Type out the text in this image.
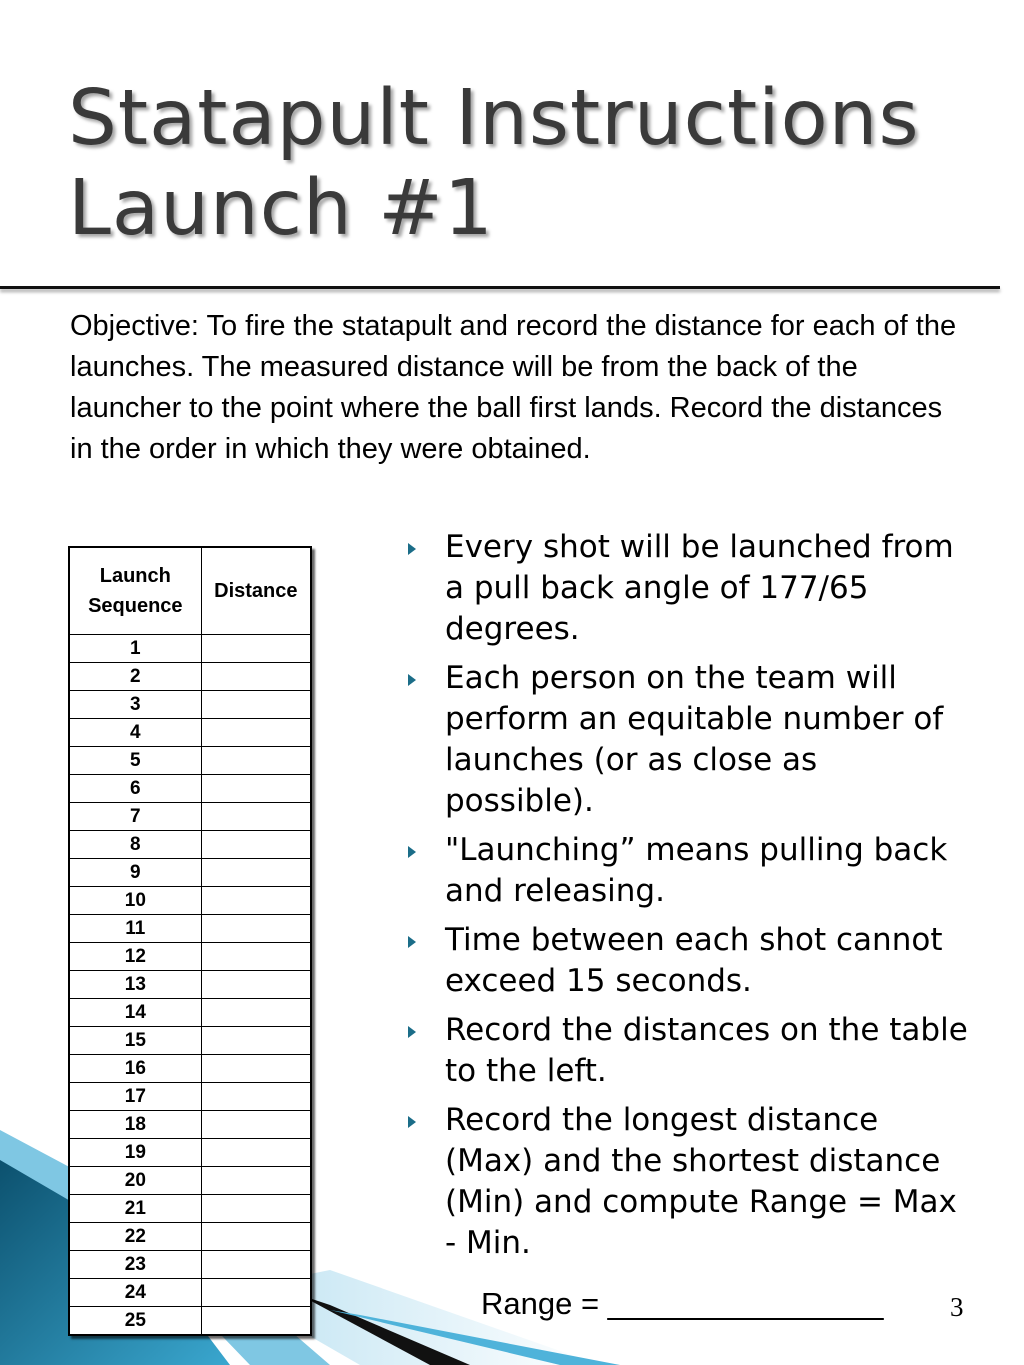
Statapult Instructions
Launch #1
Objective: To fire the statapult and record the distance for each of the launches. The measured distance will be from the back of the launcher to the point where the ball first lands. Record the distances in the order in which they were obtained.
Launch Sequence	Distance
1	
2	
3	
4	
5	
6	
7	
8	
9	
10	
11	
12	
13	
14	
15	
16	
17	
18	
19	
20	
21	
22	
23	
24	
25	
Every shot will be launched from a pull back angle of 177/65 degrees.
Each person on the team will perform an equitable number of launches (or as close as possible).
"Launching” means pulling back and releasing.
Time between each shot cannot exceed 15 seconds.
Record the distances on the table to the left.
Record the longest distance (Max) and the shortest distance (Min) and compute Range = Max - Min.
Range = ________________ 3
